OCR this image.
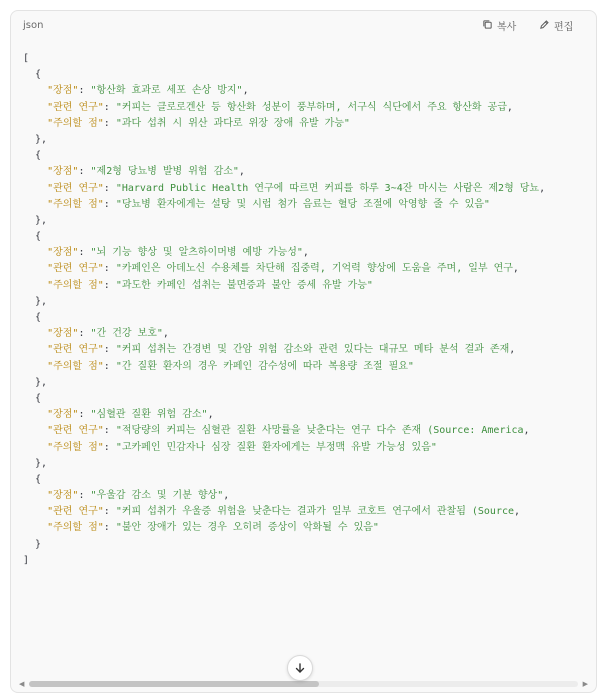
json	복사	편집
[
{
"장점": "항산화 효과로 세포 손상 방지",
"관련 연구": "커피는 클로로겐산 등 항산화 성분이 풍부하며, 서구식 식단에서 주요 항산화 공급,
"주의할 점": "과다 섭취 시 위산 과다로 위장 장애 유발 가능"
},
{
"장점": "제2형 당뇨병 발병 위험 감소",
"관련 연구": "Harvard Public Health 연구에 따르면 커피를 하루 3~4잔 마시는 사람은 제2형 당뇨,
"주의할 점": "당뇨병 환자에게는 설탕 및 시럽 첨가 음료는 혈당 조절에 악영향 줄 수 있음"
},
{
"장점": "뇌 기능 향상 및 알츠하이머병 예방 가능성",
"관련 연구": "카페인은 아데노신 수용체를 차단해 집중력, 기억력 향상에 도움을 주며, 일부 연구,
"주의할 점": "과도한 카페인 섭취는 불면증과 불안 증세 유발 가능"
},
{
"장점": "간 건강 보호",
"관련 연구": "커피 섭취는 간경변 및 간암 위험 감소와 관련 있다는 대규모 메타 분석 결과 존재,
"주의할 점": "간 질환 환자의 경우 카페인 감수성에 따라 복용량 조절 필요"
},
{
"장점": "심혈관 질환 위험 감소",
"관련 연구": "적당량의 커피는 심혈관 질환 사망률을 낮춘다는 연구 다수 존재 (Source: America,
"주의할 점": "고카페인 민감자나 심장 질환 환자에게는 부정맥 유발 가능성 있음"
},
{
"장점": "우울감 감소 및 기분 향상",
"관련 연구": "커피 섭취가 우울증 위험을 낮춘다는 결과가 일부 코호트 연구에서 관찰됨 (Source,
"주의할 점": "불안 장애가 있는 경우 오히려 증상이 악화될 수 있음"
}
]
◀	▶
